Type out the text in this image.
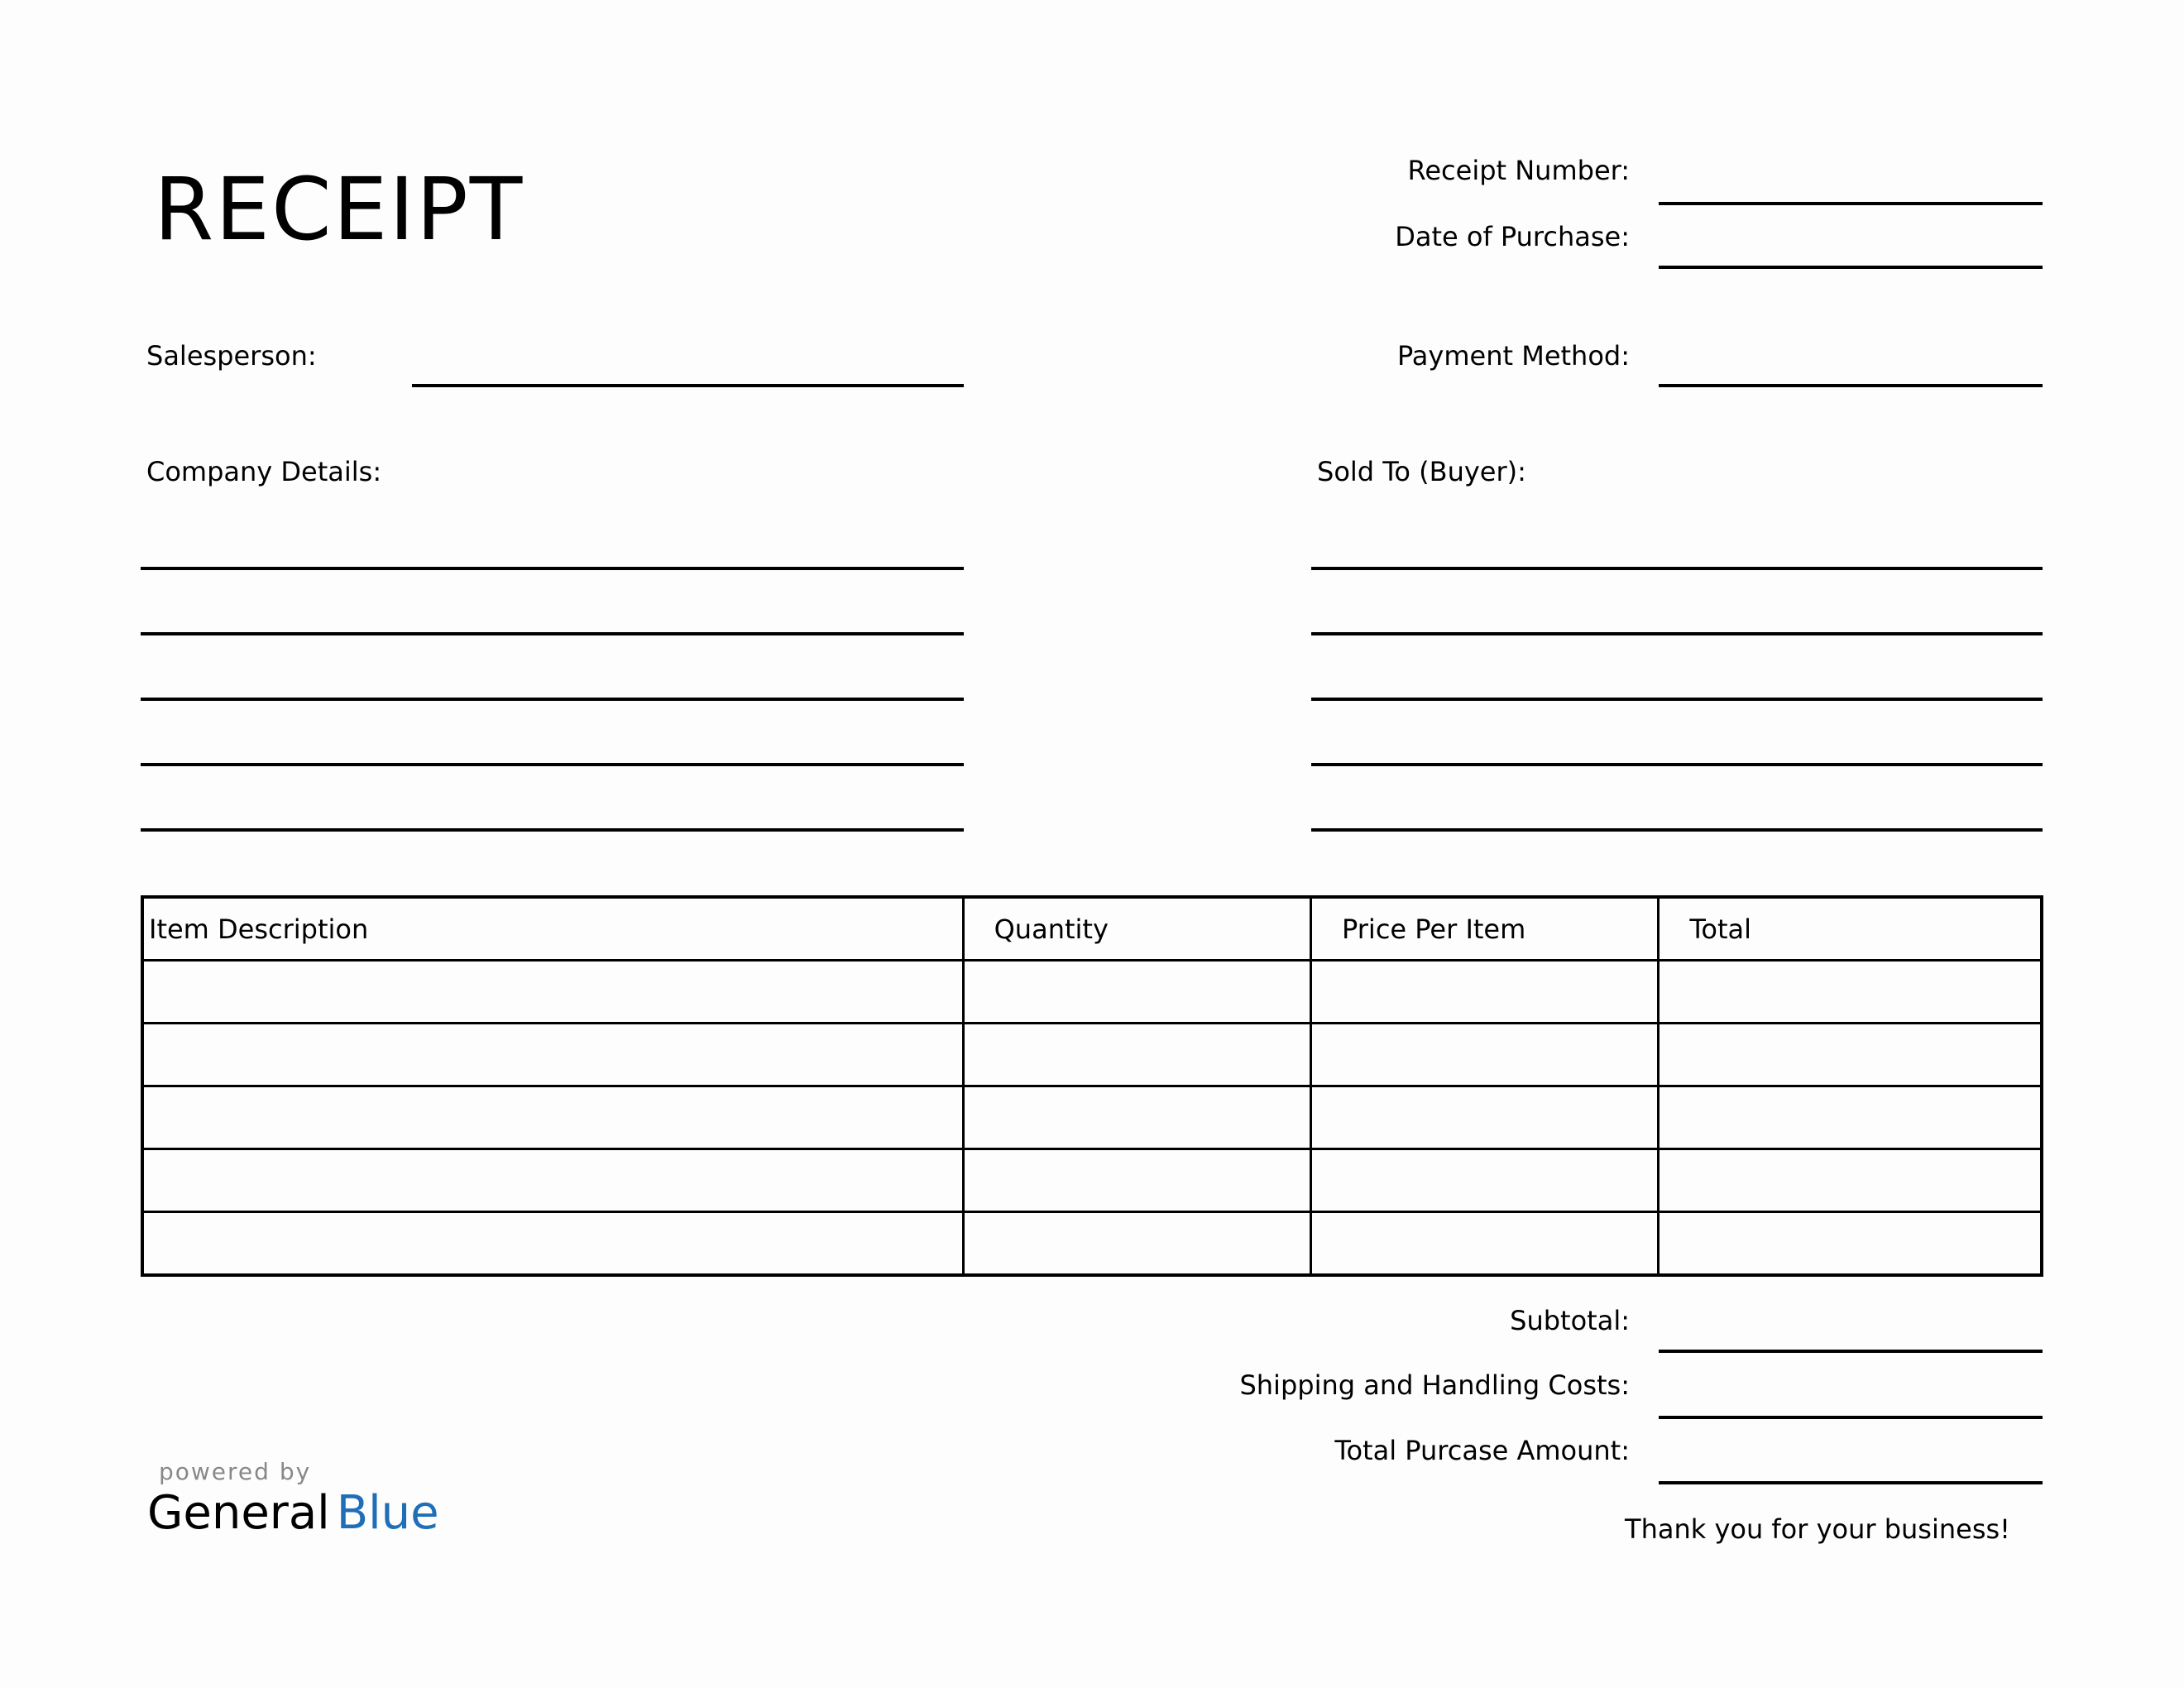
RECEIPT	Receipt Number:
Date of Purchase:
Salesperson:	Payment Method:
Company Details:	Sold To (Buyer):
Item Description	Quantity	Price Per Item	Total

Subtotal:
Shipping and Handling Costs:
Total Purcase Amount:
Thank you for your business!
powered by
General Blue
